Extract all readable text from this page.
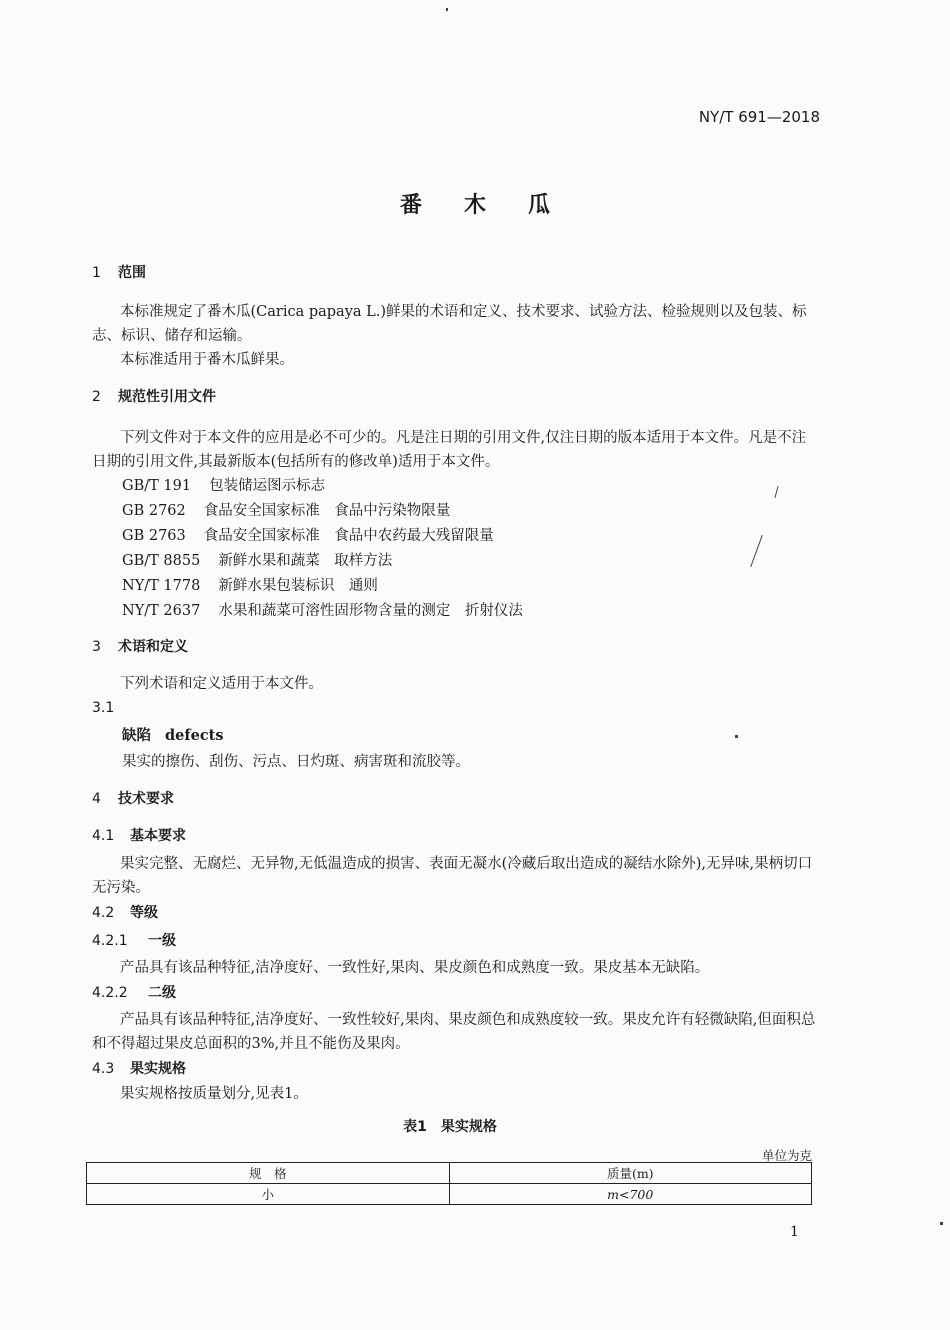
NY/T 691—2018
番木瓜
1 范围
本标准规定了番木瓜(Carica papaya L.)鲜果的术语和定义、技术要求、试验方法、检验规则以及包装、标志、标识、储存和运输。
本标准适用于番木瓜鲜果。
2 规范性引用文件
下列文件对于本文件的应用是必不可少的。凡是注日期的引用文件,仅注日期的版本适用于本文件。凡是不注日期的引用文件,其最新版本(包括所有的修改单)适用于本文件。
GB/T 191 包装储运图示标志
GB 2762 食品安全国家标准　食品中污染物限量
GB 2763 食品安全国家标准　食品中农药最大残留限量
GB/T 8855 新鲜水果和蔬菜　取样方法
NY/T 1778 新鲜水果包装标识　通则
NY/T 2637 水果和蔬菜可溶性固形物含量的测定　折射仪法
3 术语和定义
下列术语和定义适用于本文件。
3.1
缺陷 defects
果实的擦伤、刮伤、污点、日灼斑、病害斑和流胶等。
4 技术要求
4.1 基本要求
果实完整、无腐烂、无异物,无低温造成的损害、表面无凝水(冷藏后取出造成的凝结水除外),无异味,果柄切口无污染。
4.2 等级
4.2.1 一级
产品具有该品种特征,洁净度好、一致性好,果肉、果皮颜色和成熟度一致。果皮基本无缺陷。
4.2.2 二级
产品具有该品种特征,洁净度好、一致性较好,果肉、果皮颜色和成熟度较一致。果皮允许有轻微缺陷,但面积总和不得超过果皮总面积的3%,并且不能伤及果肉。
4.3 果实规格
果实规格按质量划分,见表1。
表1　果实规格
单位为克
规　格	质量(m)
小	m<700
1
